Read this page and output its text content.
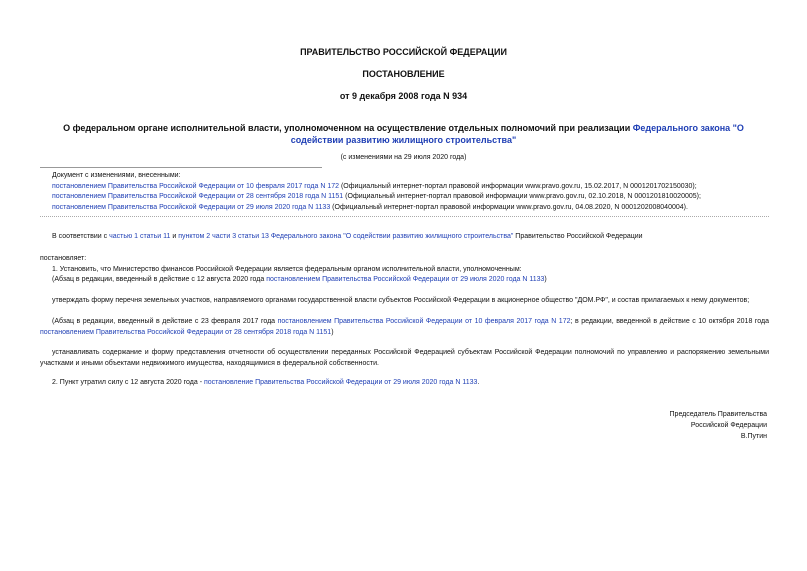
ПРАВИТЕЛЬСТВО РОССИЙСКОЙ ФЕДЕРАЦИИ
ПОСТАНОВЛЕНИЕ
от 9 декабря 2008 года N 934
О федеральном органе исполнительной власти, уполномоченном на осуществление отдельных полномочий при реализации Федерального закона "О содействии развитию жилищного строительства"
(с изменениями на 29 июля 2020 года)
Документ с изменениями, внесенными:
постановлением Правительства Российской Федерации от 10 февраля 2017 года N 172 (Официальный интернет-портал правовой информации www.pravo.gov.ru, 15.02.2017, N 0001201702150030);
постановлением Правительства Российской Федерации от 28 сентября 2018 года N 1151 (Официальный интернет-портал правовой информации www.pravo.gov.ru, 02.10.2018, N 0001201810020005);
постановлением Правительства Российской Федерации от 29 июля 2020 года N 1133 (Официальный интернет-портал правовой информации www.pravo.gov.ru, 04.08.2020, N 0001202008040004).
В соответствии с частью 1 статьи 11 и пунктом 2 части 3 статьи 13 Федерального закона "О содействии развитию жилищного строительства" Правительство Российской Федерации
постановляет:
1. Установить, что Министерство финансов Российской Федерации является федеральным органом исполнительной власти, уполномоченным:
(Абзац в редакции, введенный в действие с 12 августа 2020 года постановлением Правительства Российской Федерации от 29 июля 2020 года N 1133)
утверждать форму перечня земельных участков, направляемого органами государственной власти субъектов Российской Федерации в акционерное общество "ДОМ.РФ", и состав прилагаемых к нему документов;
(Абзац в редакции, введенный в действие с 23 февраля 2017 года постановлением Правительства Российской Федерации от 10 февраля 2017 года N 172; в редакции, введенной в действие с 10 октября 2018 года постановлением Правительства Российской Федерации от 28 сентября 2018 года N 1151)
устанавливать содержание и форму представления отчетности об осуществлении переданных Российской Федерацией субъектам Российской Федерации полномочий по управлению и распоряжению земельными участками и иными объектами недвижимого имущества, находящимися в федеральной собственности.
2. Пункт утратил силу с 12 августа 2020 года - постановление Правительства Российской Федерации от 29 июля 2020 года N 1133.
Председатель Правительства
Российской Федерации
В.Путин
